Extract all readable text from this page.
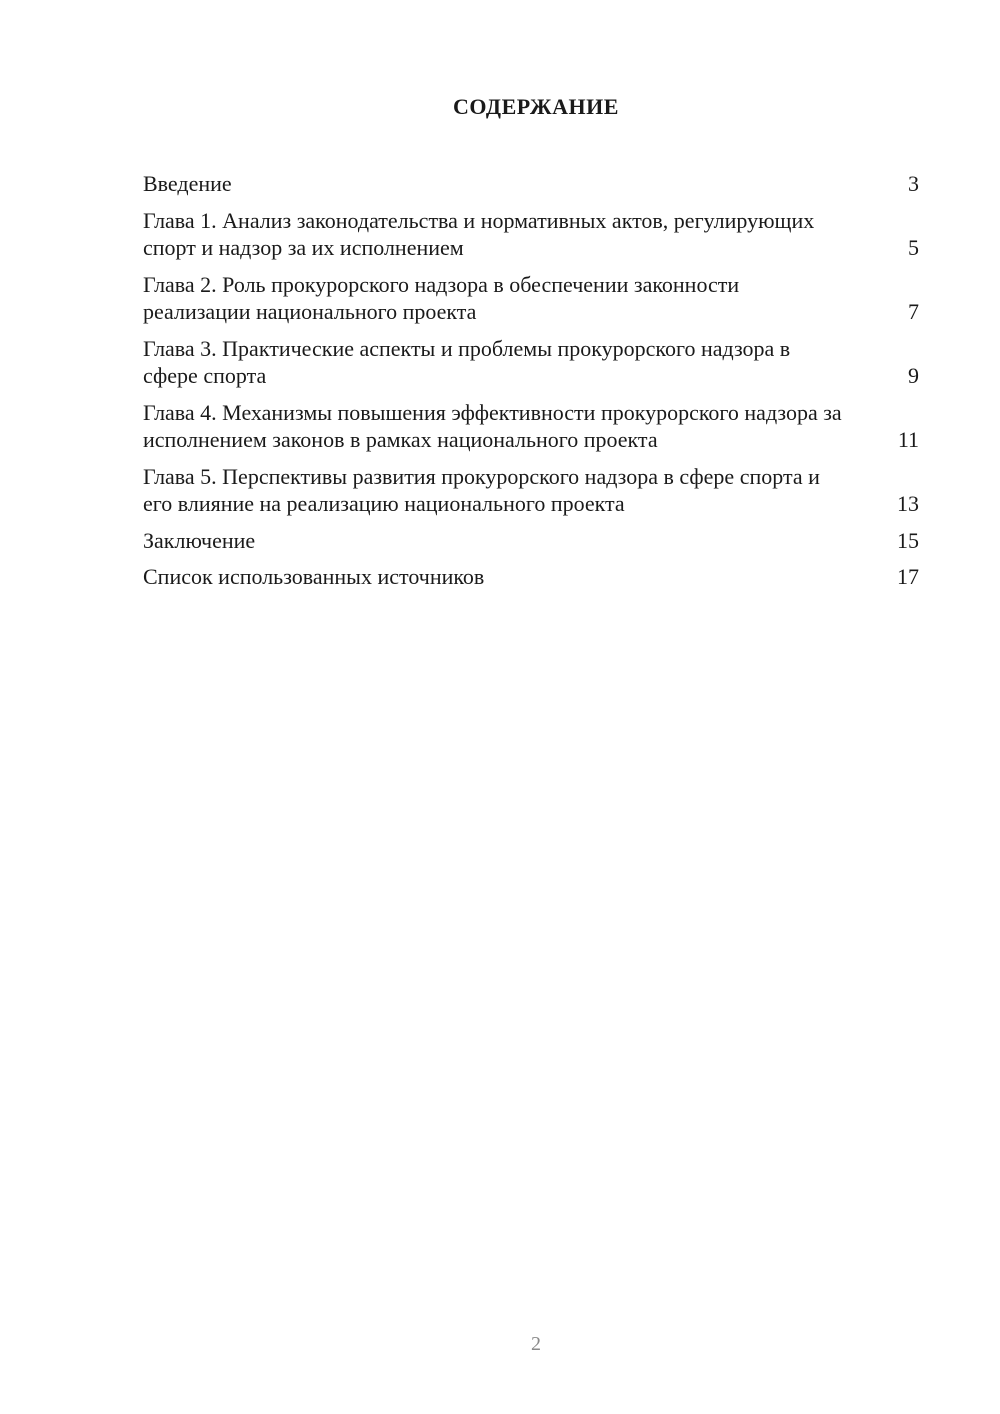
СОДЕРЖАНИЕ
Введение	3
Глава 1. Анализ законодательства и нормативных актов, регулирующих спорт и надзор за их исполнением	5
Глава 2. Роль прокурорского надзора в обеспечении законности реализации национального проекта	7
Глава 3. Практические аспекты и проблемы прокурорского надзора в сфере спорта	9
Глава 4. Механизмы повышения эффективности прокурорского надзора за исполнением законов в рамках национального проекта	11
Глава 5. Перспективы развития прокурорского надзора в сфере спорта и его влияние на реализацию национального проекта	13
Заключение	15
Список использованных источников	17
2
